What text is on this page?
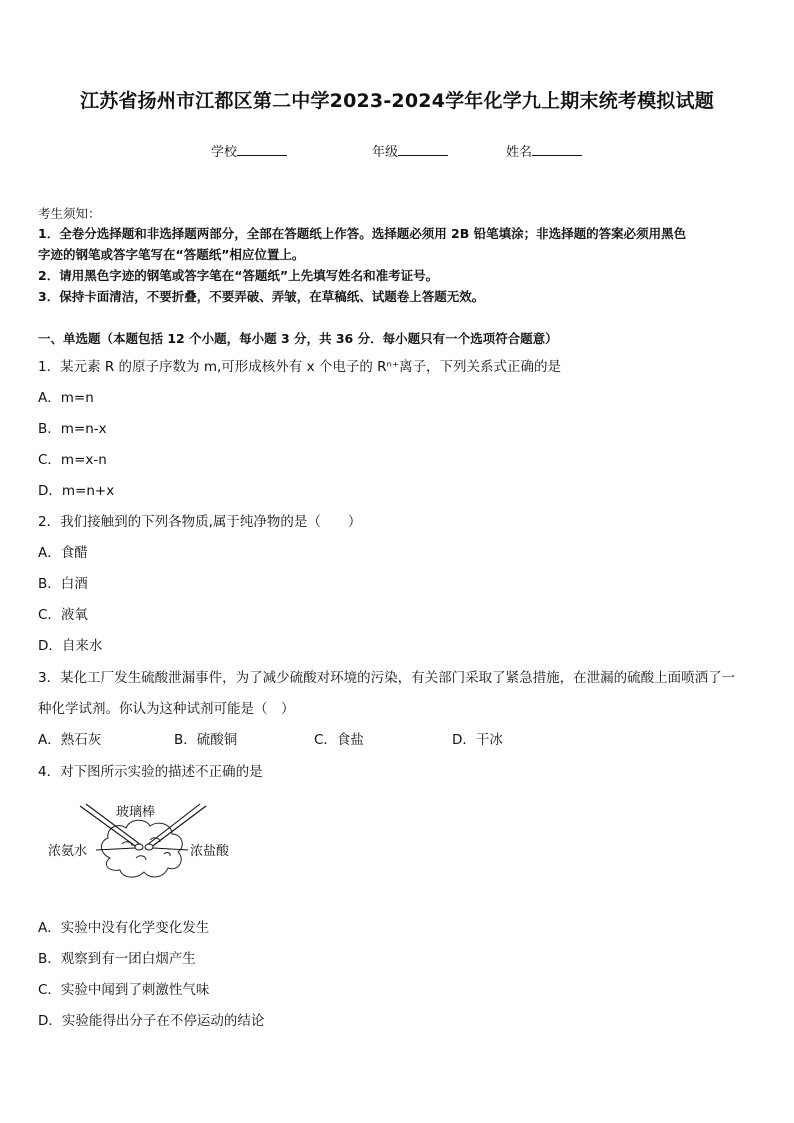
江苏省扬州市江都区第二中学2023-2024学年化学九上期末统考模拟试题
学校	年级	姓名
考生须知：
1．全卷分选择题和非选择题两部分，全部在答题纸上作答。选择题必须用 2B 铅笔填涂；非选择题的答案必须用黑色
字迹的钢笔或答字笔写在“答题纸”相应位置上。
2．请用黑色字迹的钢笔或答字笔在“答题纸”上先填写姓名和准考证号。
3．保持卡面清洁，不要折叠，不要弄破、弄皱，在草稿纸、试题卷上答题无效。
一、单选题（本题包括 12 个小题，每小题 3 分，共 36 分．每小题只有一个选项符合题意）
1．某元素 R 的原子序数为 m,可形成核外有 x 个电子的 Rⁿ⁺离子，下列关系式正确的是
A．m=n
B．m=n-x
C．m=x-n
D．m=n+x
2．我们接触到的下列各物质,属于纯净物的是（　　）
A．食醋
B．白酒
C．液氧
D．自来水
3．某化工厂发生硫酸泄漏事件，为了减少硫酸对环境的污染，有关部门采取了紧急措施，在泄漏的硫酸上面喷洒了一
种化学试剂。你认为这种试剂可能是（　）
A．熟石灰	B．硫酸铜	C．食盐	D．干冰
4．对下图所示实验的描述不正确的是
玻璃棒
浓氨水	浓盐酸
A．实验中没有化学变化发生
B．观察到有一团白烟产生
C．实验中闻到了刺激性气味
D．实验能得出分子在不停运动的结论
